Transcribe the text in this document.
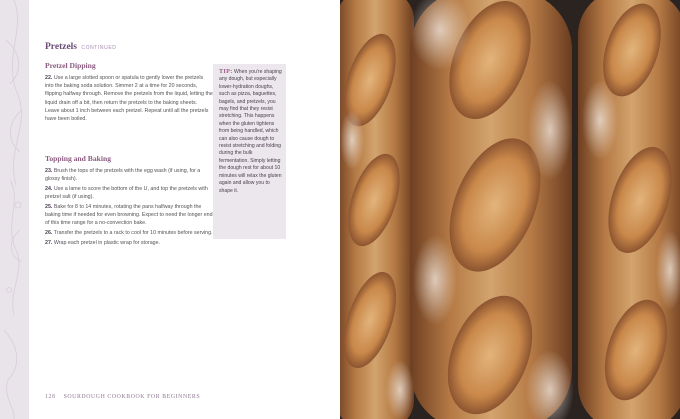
Pretzels CONTINUED
Pretzel Dipping
22. Use a large slotted spoon or spatula to gently lower the pretzels into the baking soda solution. Simmer 2 at a time for 20 seconds, flipping halfway through. Remove the pretzels from the liquid, letting the liquid drain off a bit, then return the pretzels to the baking sheets. Leave about 1 inch between each pretzel. Repeat until all the pretzels have been boiled.
Topping and Baking
23. Brush the tops of the pretzels with the egg wash (if using, for a glossy finish).
24. Use a lame to score the bottom of the U, and top the pretzels with pretzel salt (if using).
25. Bake for 8 to 14 minutes, rotating the pans halfway through the baking time if needed for even browning. Expect to need the longer end of this time range for a no-convection bake.
26. Transfer the pretzels to a rack to cool for 10 minutes before serving.
27. Wrap each pretzel in plastic wrap for storage.
TIP: When you're shaping any dough, but especially lower-hydration doughs, such as pizza, baguettes, bagels, and pretzels, you may find that they resist stretching. This happens when the gluten tightens from being handled, which can also cause dough to resist stretching and folding during the bulk fermentation. Simply letting the dough rest for about 10 minutes will relax the gluten again and allow you to shape it.
128 SOURDOUGH COOKBOOK FOR BEGINNERS
